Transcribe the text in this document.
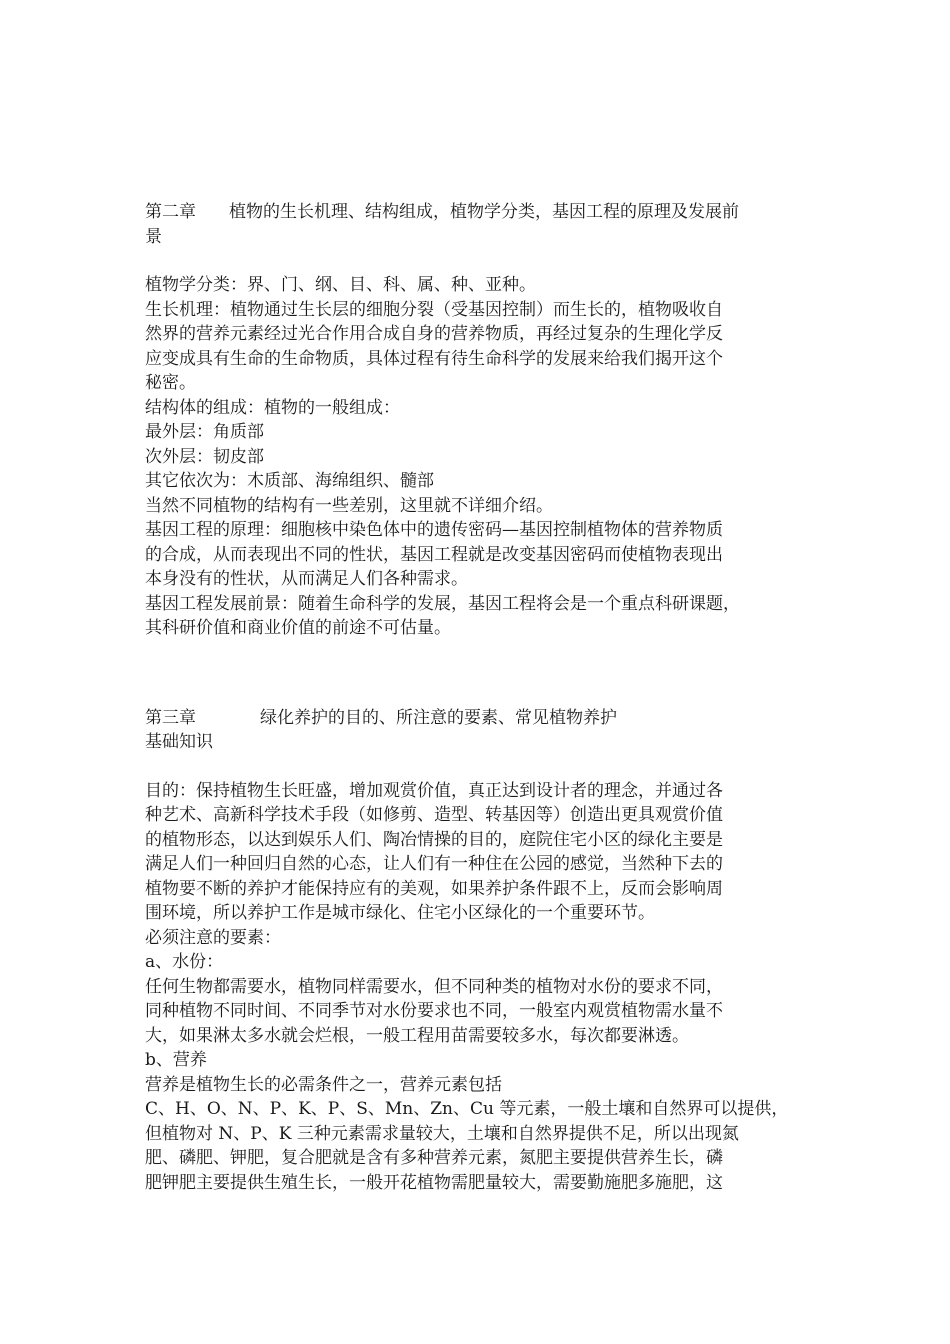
第二章 植物的生长机理、结构组成，植物学分类，基因工程的原理及发展前

景

植物学分类：界、门、纲、目、科、属、种、亚种。

生长机理：植物通过生长层的细胞分裂（受基因控制）而生长的，植物吸收自

然界的营养元素经过光合作用合成自身的营养物质，再经过复杂的生理化学反

应变成具有生命的生命物质，具体过程有待生命科学的发展来给我们揭开这个

秘密。

结构体的组成：植物的一般组成：

最外层：角质部

次外层：韧皮部

其它依次为：木质部、海绵组织、髓部

当然不同植物的结构有一些差别，这里就不详细介绍。

基因工程的原理：细胞核中染色体中的遗传密码—基因控制植物体的营养物质

的合成，从而表现出不同的性状，基因工程就是改变基因密码而使植物表现出

本身没有的性状，从而满足人们各种需求。

基因工程发展前景：随着生命科学的发展，基因工程将会是一个重点科研课题，

其科研价值和商业价值的前途不可估量。

第三章	绿化养护的目的、所注意的要素、常见植物养护

基础知识

目的：保持植物生长旺盛，增加观赏价值，真正达到设计者的理念，并通过各

种艺术、高新科学技术手段（如修剪、造型、转基因等）创造出更具观赏价值

的植物形态，以达到娱乐人们、陶冶情操的目的，庭院住宅小区的绿化主要是

满足人们一种回归自然的心态，让人们有一种住在公园的感觉，当然种下去的

植物要不断的养护才能保持应有的美观，如果养护条件跟不上，反而会影响周

围环境，所以养护工作是城市绿化、住宅小区绿化的一个重要环节。

必须注意的要素：

a、水份：

任何生物都需要水，植物同样需要水，但不同种类的植物对水份的要求不同，

同种植物不同时间、不同季节对水份要求也不同，一般室内观赏植物需水量不

大，如果淋太多水就会烂根，一般工程用苗需要较多水，每次都要淋透。

b、营养

营养是植物生长的必需条件之一，营养元素包括

C、H、O、N、P、K、P、S、Mn、Zn、Cu 等元素，一般土壤和自然界可以提供，

但植物对 N、P、K 三种元素需求量较大，土壤和自然界提供不足，所以出现氮

肥、磷肥、钾肥，复合肥就是含有多种营养元素，氮肥主要提供营养生长，磷

肥钾肥主要提供生殖生长，一般开花植物需肥量较大，需要勤施肥多施肥，这
